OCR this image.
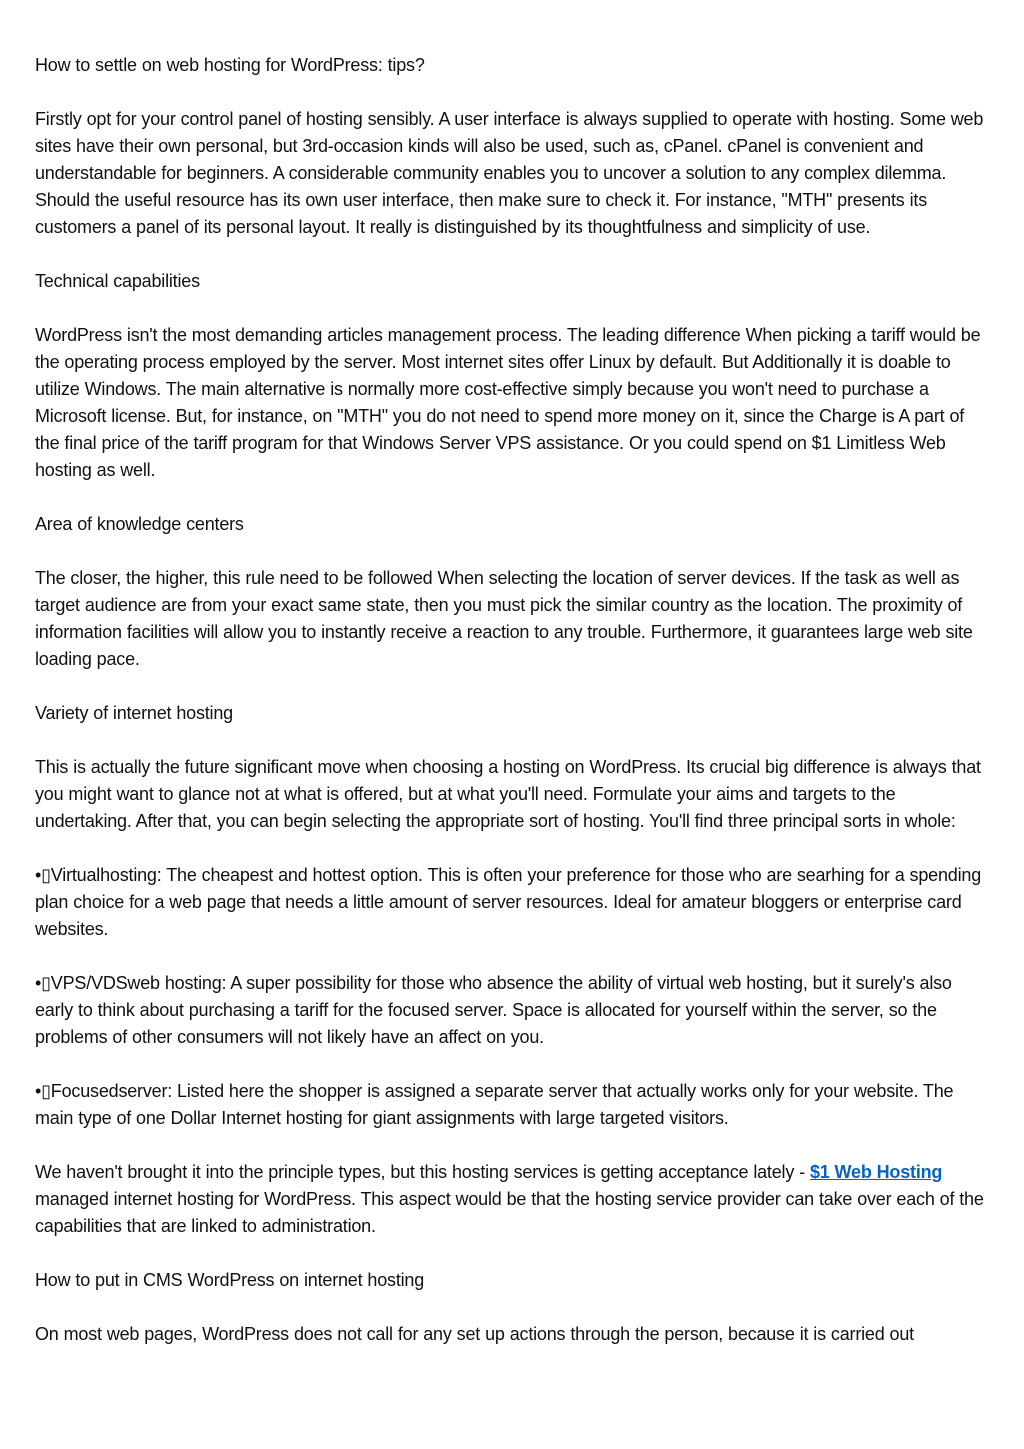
How to settle on web hosting for WordPress: tips?

Firstly opt for your control panel of hosting sensibly. A user interface is always supplied to operate with hosting. Some web sites have their own personal, but 3rd-occasion kinds will also be used, such as, cPanel. cPanel is convenient and understandable for beginners. A considerable community enables you to uncover a solution to any complex dilemma. Should the useful resource has its own user interface, then make sure to check it. For instance, "MTH" presents its customers a panel of its personal layout. It really is distinguished by its thoughtfulness and simplicity of use.

Technical capabilities

WordPress isn't the most demanding articles management process. The leading difference When picking a tariff would be the operating process employed by the server. Most internet sites offer Linux by default. But Additionally it is doable to utilize Windows. The main alternative is normally more cost-effective simply because you won't need to purchase a Microsoft license. But, for instance, on "MTH" you do not need to spend more money on it, since the Charge is A part of the final price of the tariff program for that Windows Server VPS assistance. Or you could spend on $1 Limitless Web hosting as well.

Area of knowledge centers

The closer, the higher, this rule need to be followed When selecting the location of server devices. If the task as well as target audience are from your exact same state, then you must pick the similar country as the location. The proximity of information facilities will allow you to instantly receive a reaction to any trouble. Furthermore, it guarantees large web site loading pace.

Variety of internet hosting

This is actually the future significant move when choosing a hosting on WordPress. Its crucial big difference is always that you might want to glance not at what is offered, but at what you'll need. Formulate your aims and targets to the undertaking. After that, you can begin selecting the appropriate sort of hosting. You'll find three principal sorts in whole:

•▯Virtualhosting: The cheapest and hottest option. This is often your preference for those who are searhing for a spending plan choice for a web page that needs a little amount of server resources. Ideal for amateur bloggers or enterprise card websites.

•▯VPS/VDSweb hosting: A super possibility for those who absence the ability of virtual web hosting, but it surely's also early to think about purchasing a tariff for the focused server. Space is allocated for yourself within the server, so the problems of other consumers will not likely have an affect on you.

•▯Focusedserver: Listed here the shopper is assigned a separate server that actually works only for your website. The main type of one Dollar Internet hosting for giant assignments with large targeted visitors.

We haven't brought it into the principle types, but this hosting services is getting acceptance lately - $1 Web Hosting managed internet hosting for WordPress. This aspect would be that the hosting service provider can take over each of the capabilities that are linked to administration.

How to put in CMS WordPress on internet hosting

On most web pages, WordPress does not call for any set up actions through the person, because it is carried out
